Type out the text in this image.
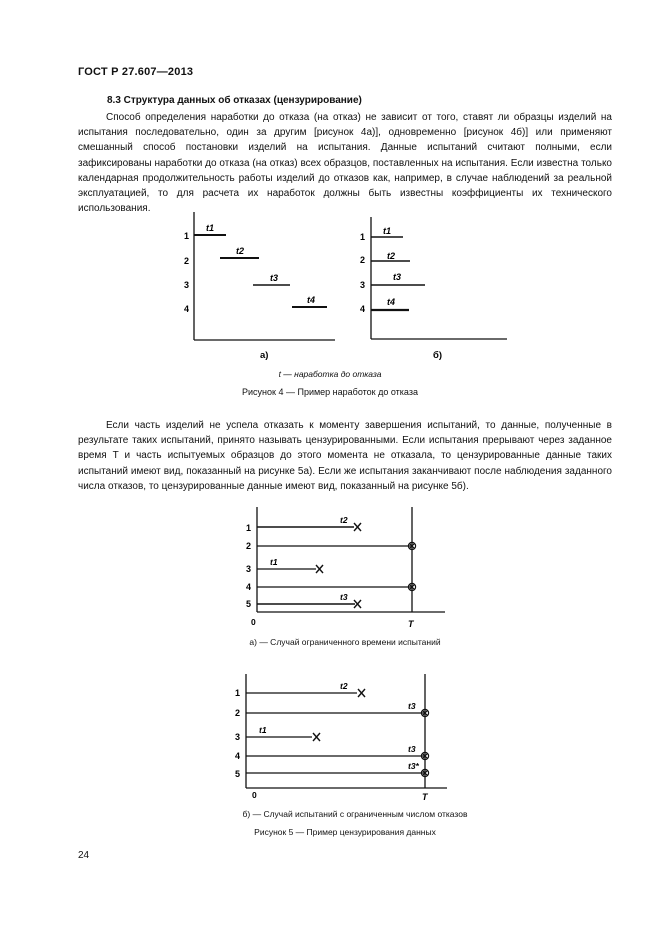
ГОСТ Р 27.607—2013
8.3 Структура данных об отказах (цензурирование)
Способ определения наработки до отказа (на отказ) не зависит от того, ставят ли образцы изделий на испытания последовательно, один за другим [рисунок 4а)], одновременно [рисунок 4б)] или применяют смешанный способ постановки изделий на испытания. Данные испытаний считают полными, если зафиксированы наработки до отказа (на отказ) всех образцов, поставленных на испытания. Если известна только календарная продолжительность работы изделий до отказов как, например, в случае наблюдений за реальной эксплуатацией, то для расчета их наработок должны быть известны коэффициенты их технического использования.
1
2
3
4
t1
t2
t3
t4
а)
1
2
3
4
t1
t2
t3
t4
б)
t — наработка до отказа
Рисунок 4 — Пример наработок до отказа
Если часть изделий не успела отказать к моменту завершения испытаний, то данные, полученные в результате таких испытаний, принято называть цензурированными. Если испытания прерывают через заданное время T и часть испытуемых образцов до этого момента не отказала, то цензурированные данные таких испытаний имеют вид, показанный на рисунке 5а). Если же испытания заканчивают после наблюдения заданного числа отказов, то цензурированные данные имеют вид, показанный на рисунке 5б).
1
2
3
4
5
0	T
t2
t1
t3
а) — Случай ограниченного времени испытаний
1
2
3
4
5
0	T
t2
t3
t1
t3
t3*
б) — Случай испытаний с ограниченным числом отказов
Рисунок 5 — Пример цензурирования данных
24
